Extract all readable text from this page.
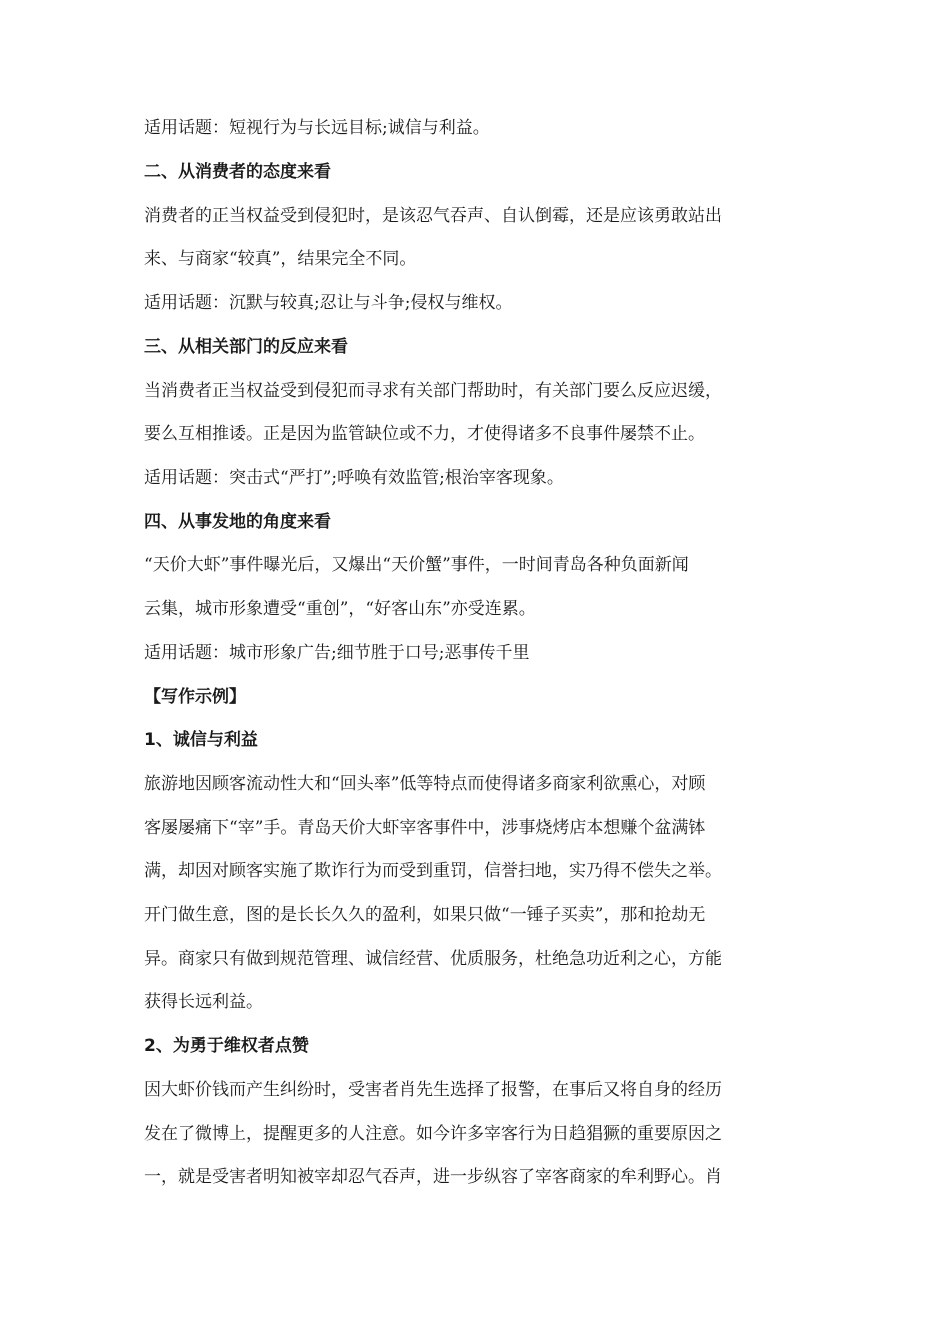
适用话题：短视行为与长远目标;诚信与利益。
二、从消费者的态度来看
消费者的正当权益受到侵犯时，是该忍气吞声、自认倒霉，还是应该勇敢站出
来、与商家“较真”，结果完全不同。
适用话题：沉默与较真;忍让与斗争;侵权与维权。
三、从相关部门的反应来看
当消费者正当权益受到侵犯而寻求有关部门帮助时，有关部门要么反应迟缓，
要么互相推诿。正是因为监管缺位或不力，才使得诸多不良事件屡禁不止。
适用话题：突击式“严打”;呼唤有效监管;根治宰客现象。
四、从事发地的角度来看
“天价大虾”事件曝光后，又爆出“天价蟹”事件，一时间青岛各种负面新闻
云集，城市形象遭受“重创”，“好客山东”亦受连累。
适用话题：城市形象广告;细节胜于口号;恶事传千里
【写作示例】
1、诚信与利益
旅游地因顾客流动性大和“回头率”低等特点而使得诸多商家利欲熏心，对顾
客屡屡痛下“宰”手。青岛天价大虾宰客事件中，涉事烧烤店本想赚个盆满钵
满，却因对顾客实施了欺诈行为而受到重罚，信誉扫地，实乃得不偿失之举。
开门做生意，图的是长长久久的盈利，如果只做“一锤子买卖”，那和抢劫无
异。商家只有做到规范管理、诚信经营、优质服务，杜绝急功近利之心，方能
获得长远利益。
2、为勇于维权者点赞
因大虾价钱而产生纠纷时，受害者肖先生选择了报警，在事后又将自身的经历
发在了微博上，提醒更多的人注意。如今许多宰客行为日趋猖獗的重要原因之
一，就是受害者明知被宰却忍气吞声，进一步纵容了宰客商家的牟利野心。肖
